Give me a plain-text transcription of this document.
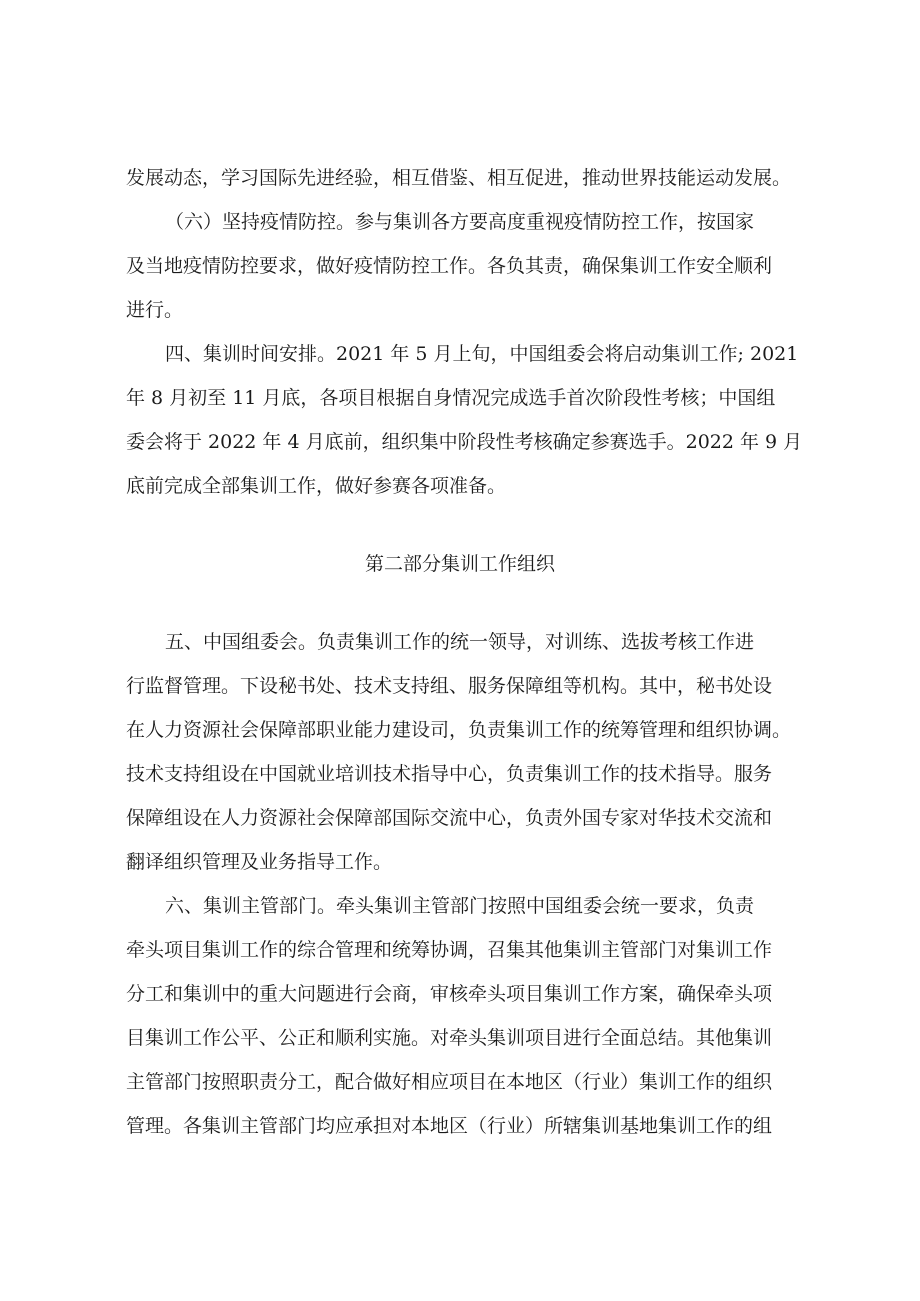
发展动态，学习国际先进经验，相互借鉴、相互促进，推动世界技能运动发展。
（六）坚持疫情防控。参与集训各方要高度重视疫情防控工作，按国家
及当地疫情防控要求，做好疫情防控工作。各负其责，确保集训工作安全顺利
进行。
四、集训时间安排。2021 年 5 月上旬，中国组委会将启动集训工作; 2021
年 8 月初至 11 月底，各项目根据自身情况完成选手首次阶段性考核；中国组
委会将于 2022 年 4 月底前，组织集中阶段性考核确定参赛选手。2022 年 9 月
底前完成全部集训工作，做好参赛各项准备。
第二部分集训工作组织
五、中国组委会。负责集训工作的统一领导，对训练、选拔考核工作进
行监督管理。下设秘书处、技术支持组、服务保障组等机构。其中，秘书处设
在人力资源社会保障部职业能力建设司，负责集训工作的统筹管理和组织协调。
技术支持组设在中国就业培训技术指导中心，负责集训工作的技术指导。服务
保障组设在人力资源社会保障部国际交流中心，负责外国专家对华技术交流和
翻译组织管理及业务指导工作。
六、集训主管部门。牵头集训主管部门按照中国组委会统一要求，负责
牵头项目集训工作的综合管理和统筹协调，召集其他集训主管部门对集训工作
分工和集训中的重大问题进行会商，审核牵头项目集训工作方案，确保牵头项
目集训工作公平、公正和顺利实施。对牵头集训项目进行全面总结。其他集训
主管部门按照职责分工，配合做好相应项目在本地区（行业）集训工作的组织
管理。各集训主管部门均应承担对本地区（行业）所辖集训基地集训工作的组
